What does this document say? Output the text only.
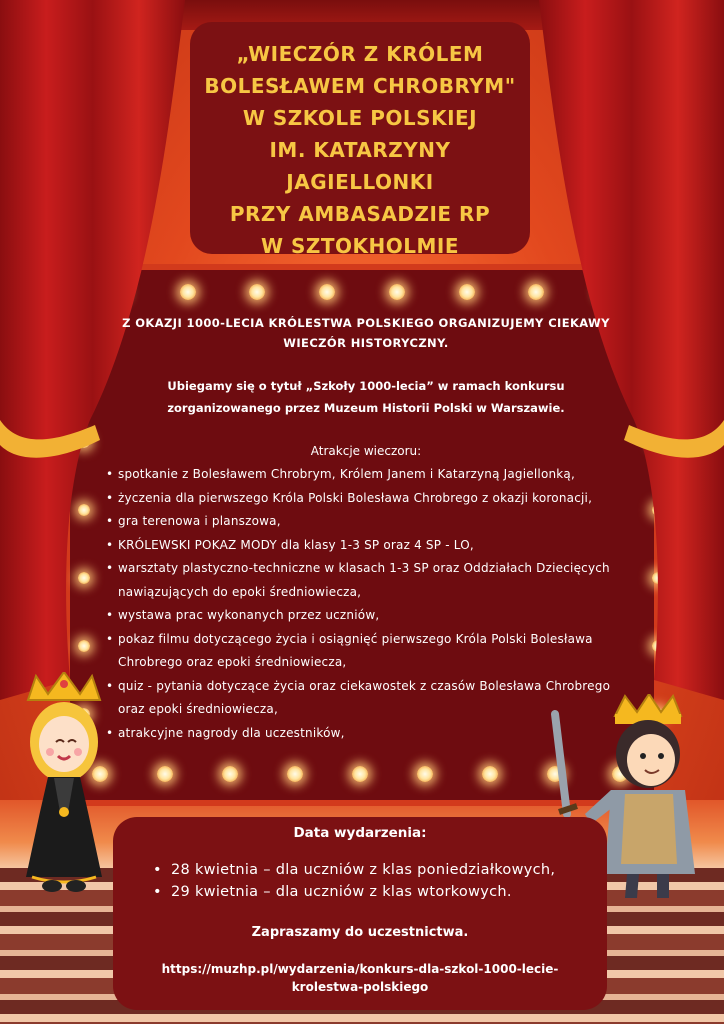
„WIECZÓR Z KRÓLEM
BOLESŁAWEM CHROBRYM"
W SZKOLE POLSKIEJ
IM. KATARZYNY JAGIELLONKI
PRZY AMBASADZIE RP
W SZTOKHOLMIE

Z OKAZJI 1000-LECIA KRÓLESTWA POLSKIEGO ORGANIZUJEMY CIEKAWY WIECZÓR HISTORYCZNY.

Ubiegamy się o tytuł „Szkoły 1000-lecia” w ramach konkursu
zorganizowanego przez Muzeum Historii Polski w Warszawie.

Atrakcje wieczoru:

• spotkanie z Bolesławem Chrobrym, Królem Janem i Katarzyną Jagiellonką,
• życzenia dla pierwszego Króla Polski Bolesława Chrobrego z okazji koronacji,
• gra terenowa i planszowa,
• KRÓLEWSKI POKAZ MODY dla klasy 1-3 SP oraz 4 SP - LO,
• warsztaty plastyczno-techniczne w klasach 1-3 SP oraz Oddziałach Dziecięcych nawiązujących do epoki średniowiecza,
• wystawa prac wykonanych przez uczniów,
• pokaz filmu dotyczącego życia i osiągnięć pierwszego Króla Polski Bolesława Chrobrego oraz epoki średniowiecza,
• quiz - pytania dotyczące życia oraz ciekawostek z czasów Bolesława Chrobrego oraz epoki średniowiecza,
• atrakcyjne nagrody dla uczestników,
Data wydarzenia:
• 28 kwietnia – dla uczniów z klas poniedziałkowych,
• 29 kwietnia – dla uczniów z klas wtorkowych.
Zapraszamy do uczestnictwa.
https://muzhp.pl/wydarzenia/konkurs-dla-szkol-1000-lecie-krolestwa-polskiego
